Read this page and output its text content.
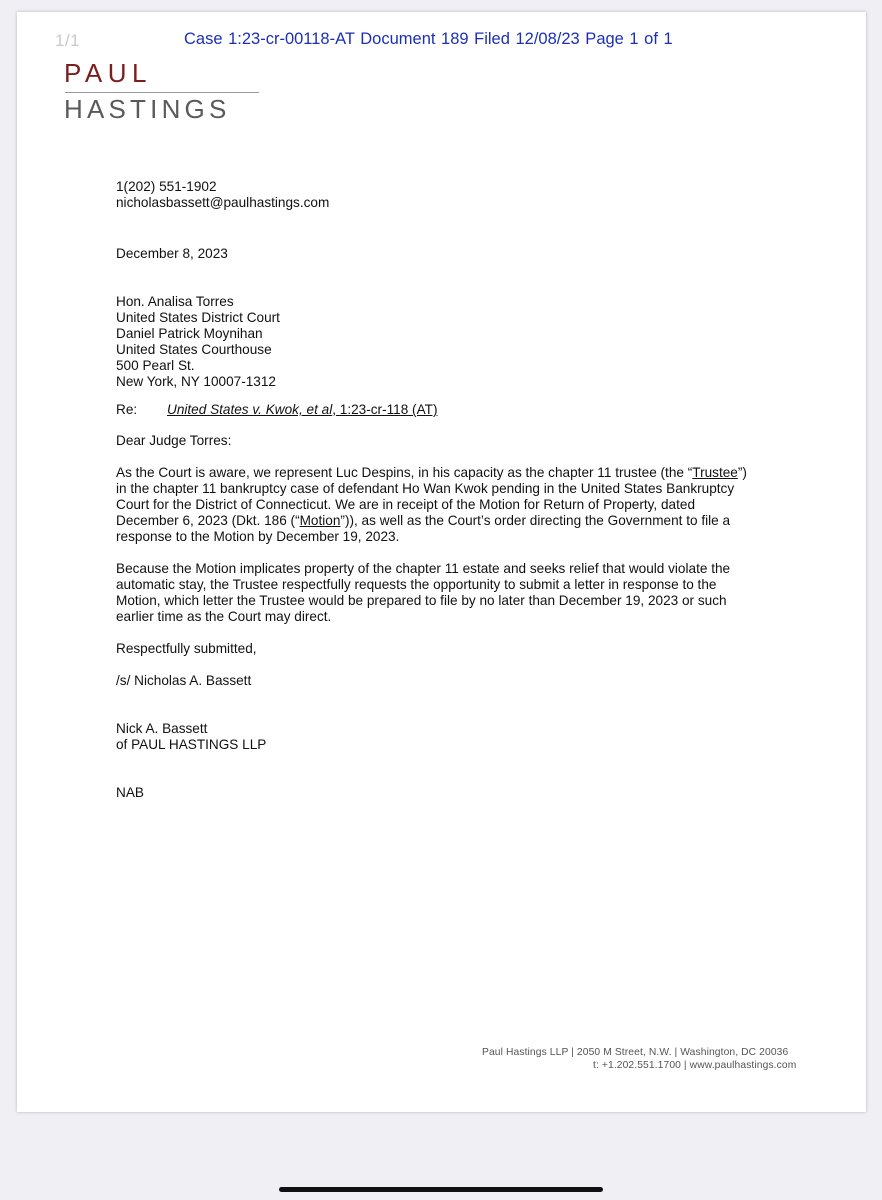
1/1	Case 1:23-cr-00118-AT Document 189 Filed 12/08/23 Page 1 of 1
PAUL
HASTINGS
1(202) 551-1902
nicholasbassett@paulhastings.com
December 8, 2023
Hon. Analisa Torres
United States District Court
Daniel Patrick Moynihan
United States Courthouse
500 Pearl St.
New York, NY 10007-1312
Re: United States v. Kwok, et al, 1:23-cr-118 (AT)
Dear Judge Torres:
As the Court is aware, we represent Luc Despins, in his capacity as the chapter 11 trustee (the “Trustee”)
in the chapter 11 bankruptcy case of defendant Ho Wan Kwok pending in the United States Bankruptcy
Court for the District of Connecticut. We are in receipt of the Motion for Return of Property, dated
December 6, 2023 (Dkt. 186 (“Motion”)), as well as the Court’s order directing the Government to file a
response to the Motion by December 19, 2023.
Because the Motion implicates property of the chapter 11 estate and seeks relief that would violate the
automatic stay, the Trustee respectfully requests the opportunity to submit a letter in response to the
Motion, which letter the Trustee would be prepared to file by no later than December 19, 2023 or such
earlier time as the Court may direct.
Respectfully submitted,
/s/ Nicholas A. Bassett
Nick A. Bassett
of PAUL HASTINGS LLP
NAB
Paul Hastings LLP | 2050 M Street, N.W. | Washington, DC 20036
t: +1.202.551.1700 | www.paulhastings.com
